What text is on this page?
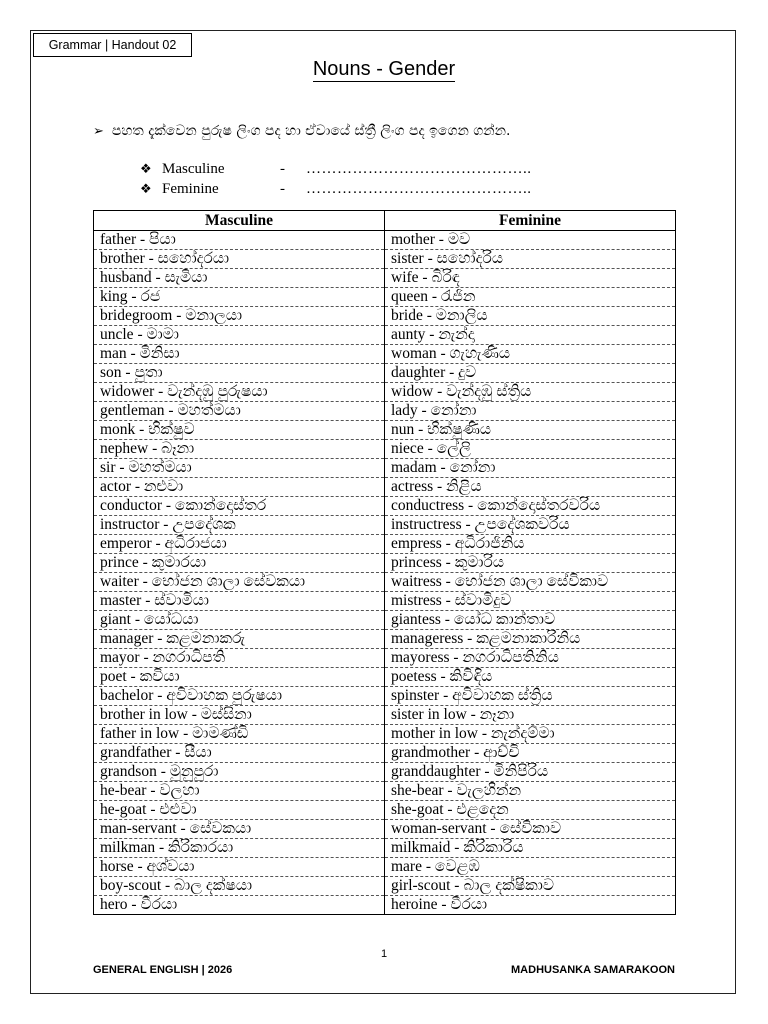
Grammar | Handout 02
Nouns - Gender
➢ පහත දැක්වෙන පුරුෂ ලිංග පද හා ඒවායේ ස්ත්‍රී ලිංග පද ඉගෙන ගන්න.
❖ Masculine	-	……………………………………..
❖ Feminine	-	……………………………………..
Masculine	Feminine
father - පියා	mother - මව
brother - සහෝදරයා	sister - සහෝදරිය
husband - සැමියා	wife - බිරිඳ
king - රජ	queen - රැජින
bridegroom - මනාලයා	bride - මනාලිය
uncle - මාමා	aunty - නැන්දා
man - මිනිසා	woman - ගැහැණිය
son - පුතා	daughter - දුව
widower - වැන්දඹු පුරුෂයා	widow - වැන්දඹු ස්ත්‍රිය
gentleman - මහත්මයා	lady - නෝනා
monk - භික්ෂුව	nun - භික්ෂුණිය
nephew - බෑනා	niece - ලේලි
sir - මහත්මයා	madam - නෝනා
actor - නළුවා	actress - නිළිය
conductor - කොන්දොස්තර	conductress - කොන්දොස්තරවරිය
instructor - උපදේශක	instructress - උපදේශකවරිය
emperor - අධිරාජයා	empress - අධිරාජිනිය
prince - කුමාරයා	princess - කුමාරිය
waiter - භෝජන ශාලා සේවකයා	waitress - භෝජන ශාලා සේවිකාව
master - ස්වාමියා	mistress - ස්වාමිදුව
giant - යෝධයා	giantess - යෝධ කාන්තාව
manager - කළමනාකරු	manageress - කළමනාකාරිනිය
mayor - නගරාධිපති	mayoress - නගරාධිපතිනිය
poet - කවියා	poetess - කිවිඳිය
bachelor - අවිවාහක පුරුෂයා	spinster - අවිවාහක ස්ත්‍රිය
brother in low - මස්සිනා	sister in low - නෑනා
father in low - මාමණ්ඩි	mother in low - නැන්දම්මා
grandfather - සීයා	grandmother - ආච්චි
grandson - මුනුපුරා	granddaughter - මිනිපිරිය
he-bear - වලහා	she-bear - වැලහින්න
he-goat - එළුවා	she-goat - එළදෙන
man-servant - සේවකයා	woman-servant - සේවිකාව
milkman - කිරිකාරයා	milkmaid - කිරිකාරිය
horse - අශ්වයා	mare - වෙළඹ
boy-scout - බාල දක්ෂයා	girl-scout - බාල දක්ෂිකාව
hero - වීරයා	heroine - වීරයා
1
GENERAL ENGLISH | 2026	MADHUSANKA SAMARAKOON
